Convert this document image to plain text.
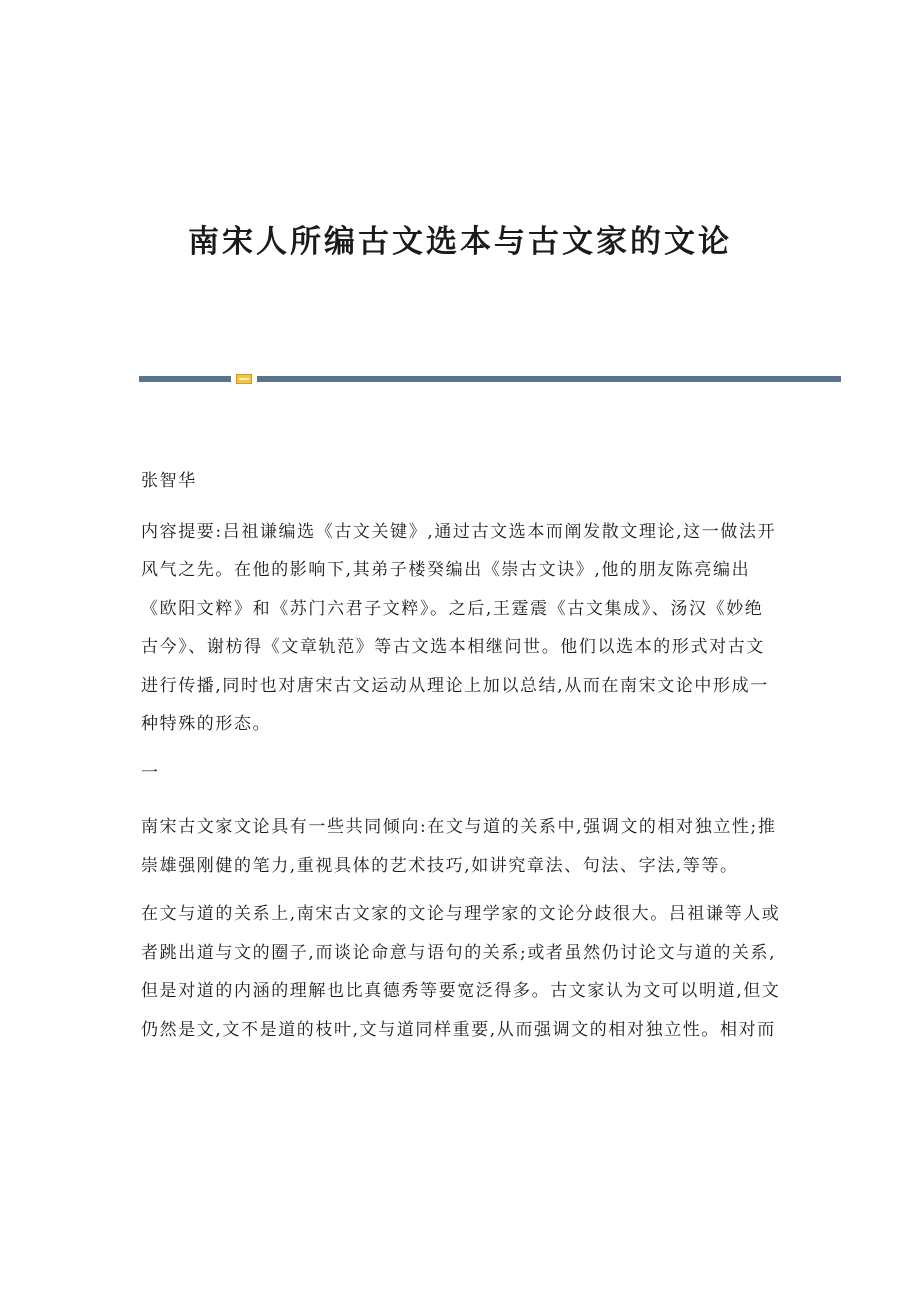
南宋人所编古文选本与古文家的文论

张智华

内容提要:吕祖谦编选《古文关键》,通过古文选本而阐发散文理论,这一做法开风气之先。在他的影响下,其弟子楼癸编出《崇古文诀》,他的朋友陈亮编出《欧阳文粹》和《苏门六君子文粹》。之后,王霆震《古文集成》、汤汉《妙绝古今》、谢枋得《文章轨范》等古文选本相继问世。他们以选本的形式对古文进行传播,同时也对唐宋古文运动从理论上加以总结,从而在南宋文论中形成一种特殊的形态。

一

南宋古文家文论具有一些共同倾向:在文与道的关系中,强调文的相对独立性;推崇雄强刚健的笔力,重视具体的艺术技巧,如讲究章法、句法、字法,等等。

在文与道的关系上,南宋古文家的文论与理学家的文论分歧很大。吕祖谦等人或者跳出道与文的圈子,而谈论命意与语句的关系;或者虽然仍讨论文与道的关系,但是对道的内涵的理解也比真德秀等要宽泛得多。古文家认为文可以明道,但文仍然是文,文不是道的枝叶,文与道同样重要,从而强调文的相对独立性。相对而
